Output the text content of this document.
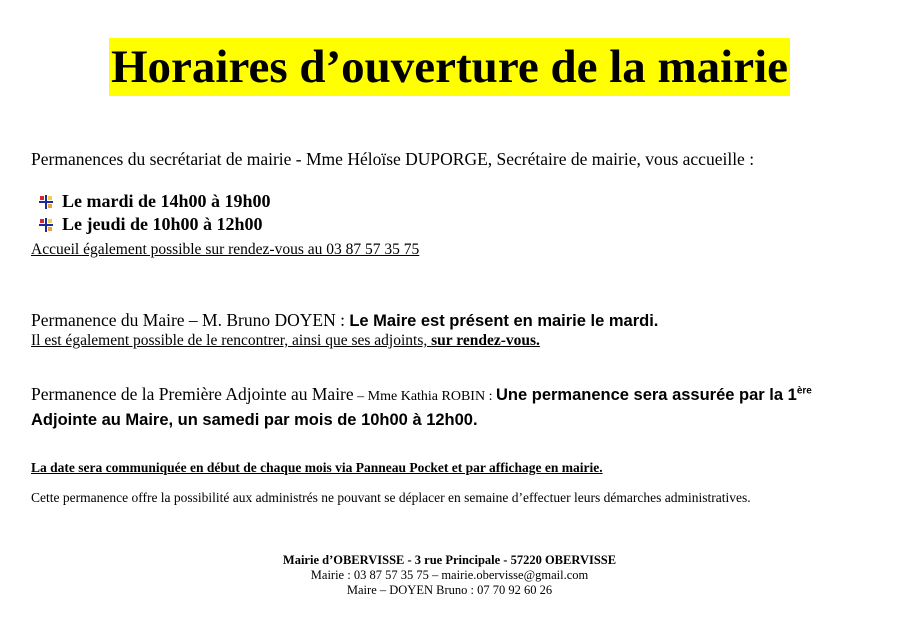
Horaires d’ouverture de la mairie
Permanences du secrétariat de mairie - Mme Héloïse DUPORGE, Secrétaire de mairie, vous accueille :
Le mardi de 14h00 à 19h00
Le jeudi de 10h00 à 12h00
Accueil également possible sur rendez-vous au 03 87 57 35 75
Permanence du Maire – M. Bruno DOYEN : Le Maire est présent en mairie le mardi.
Il est également possible de le rencontrer, ainsi que ses adjoints, sur rendez-vous.
Permanence de la Première Adjointe au Maire – Mme Kathia ROBIN : Une permanence sera assurée par la 1ère Adjointe au Maire, un samedi par mois de 10h00 à 12h00.
La date sera communiquée en début de chaque mois via Panneau Pocket et par affichage en mairie.
Cette permanence offre la possibilité aux administrés ne pouvant se déplacer en semaine d’effectuer leurs démarches administratives.
Mairie d’OBERVISSE - 3 rue Principale - 57220 OBERVISSE
Mairie : 03 87 57 35 75 – mairie.obervisse@gmail.com
Maire – DOYEN Bruno : 07 70 92 60 26
